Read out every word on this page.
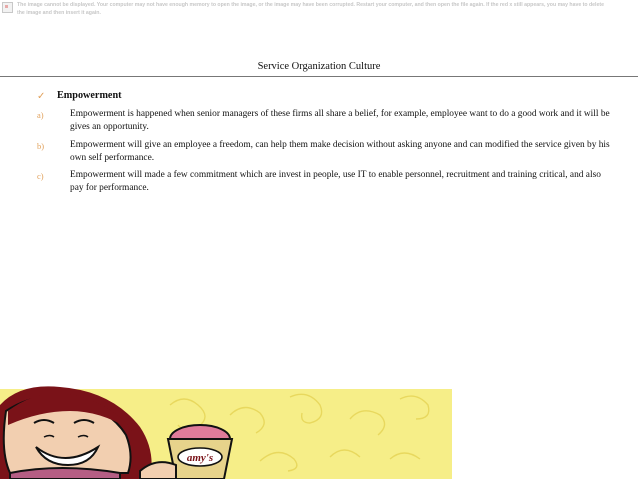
The image cannot be displayed. Your computer may not have enough memory to open the image, or the image may have been corrupted. Restart your computer, and then open the file again. If the red x still appears, you may have to delete the image and then insert it again.
Service Organization Culture
✓ Empowerment
a)	Empowerment is happened when senior managers of these firms all share a belief, for example, employee want to do a good work and it will be gives an opportunity.
b)	Empowerment will give an employee a freedom, can help them make decision without asking anyone and can modified the service given by his own self performance.
c)	Empowerment will made a few commitment which are invest in people, use IT to enable personnel, recruitment and training critical, and also pay for performance.
amy's
